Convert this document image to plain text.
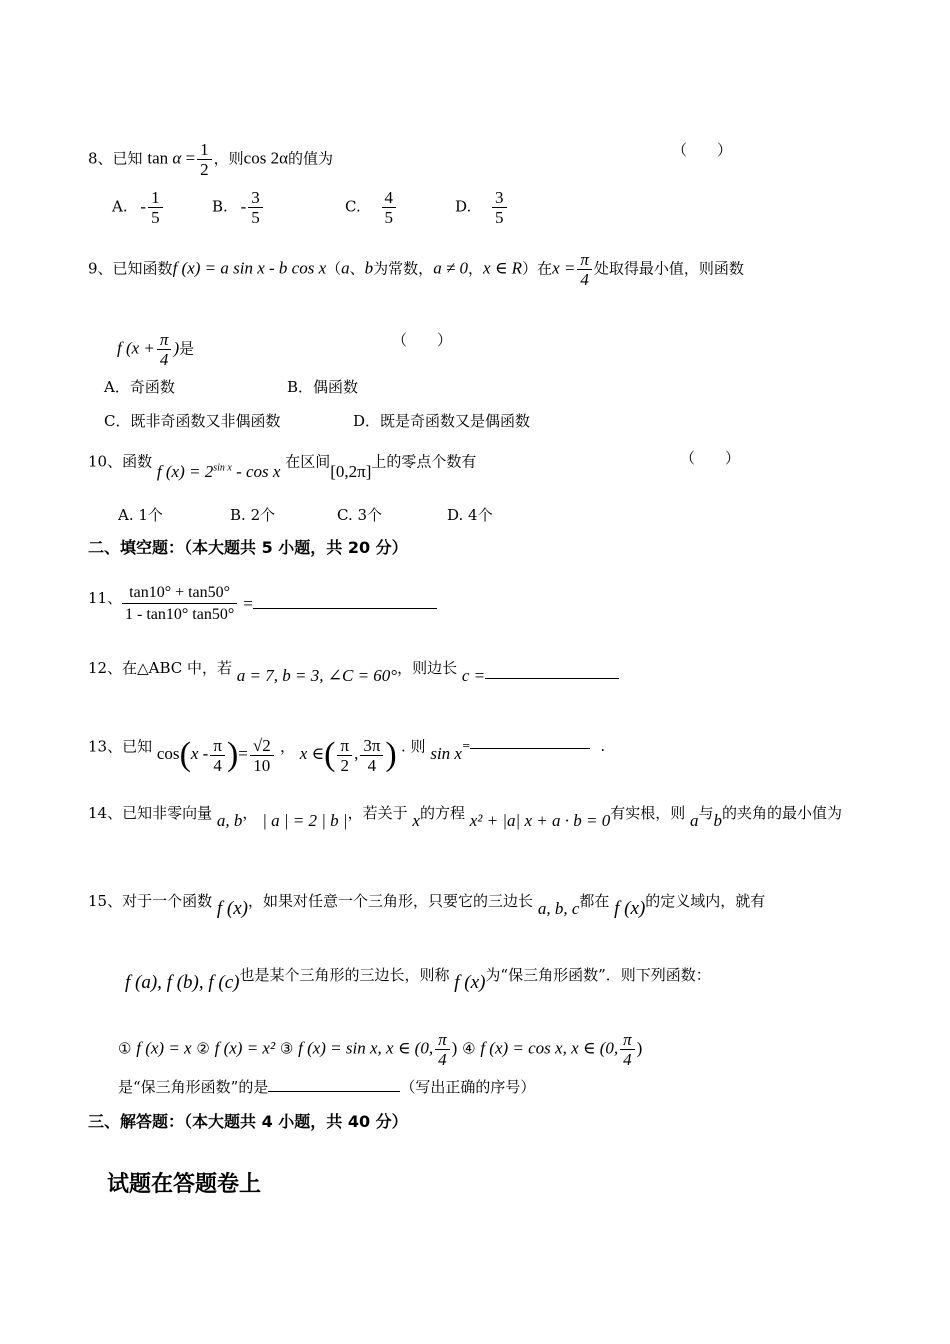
8、已知 $\tan \alpha = \frac{1}{2}$ ，则cos 2α的值为	（　　）
A. - $\frac{1}{5}$	B. - $\frac{3}{5}$	C. $\frac{4}{5}$	D. $\frac{3}{5}$
9、已知函数f (x) = a sin x - b cos x（a、b为常数，a ≠ 0，x ∈ R）在$x = \frac{\pi}{4}$ 处取得最小值，则函数
f ($x + \frac{\pi}{4}$ )是	（　　）
A．奇函数	B．偶函数
C．既非奇函数又非偶函数	D．既是奇函数又是偶函数
10、函数 f $(x) = 2^{sin x} - \cos x$ 在区间[0,2π]上的零点个数有	（　　）
A. 1个	B. 2个	C. 3个	D. 4个
二、填空题：（本大题共 5 小题，共 20 分）
11、 $\frac{\tan 10^\circ + \tan 50^\circ}{1 - \tan 10^\circ \tan 50^\circ}$ =
12、在△ABC 中，若 a = 7, b = 3, ∠C = 60°，则边长 c =
13、已知 $\cos(x - \frac{\pi}{4}$ )= $\frac{√2}{10}$ ， x ∈( $\frac{\pi}{2}$ , $\frac{3\pi}{4}$ ) . 则 sin x=	.
14、已知非零向量 a, b， | a | = 2 | b |，若关于 x的方程 x² + |a| x + a · b = 0有实根，则 a与b的夹角的最小值为
15、对于一个函数 f (x)，如果对任意一个三角形，只要它的三边长 a, b, c都在 f (x)的定义域内，就有
f (a), f (b), f (c)也是某个三角形的三边长，则称 f (x)为“保三角形函数”．则下列函数：
① f (x) = x ② f (x) = x² ③ f (x) = sin x, x ∈ (0, $\frac{\pi}{4}$ ) ④ f (x) = cos x, x ∈ (0, $\frac{\pi}{4}$ )
是“保三角形函数”的是	（写出正确的序号）
三、解答题：（本大题共 4 小题，共 40 分）
试题在答题卷上
